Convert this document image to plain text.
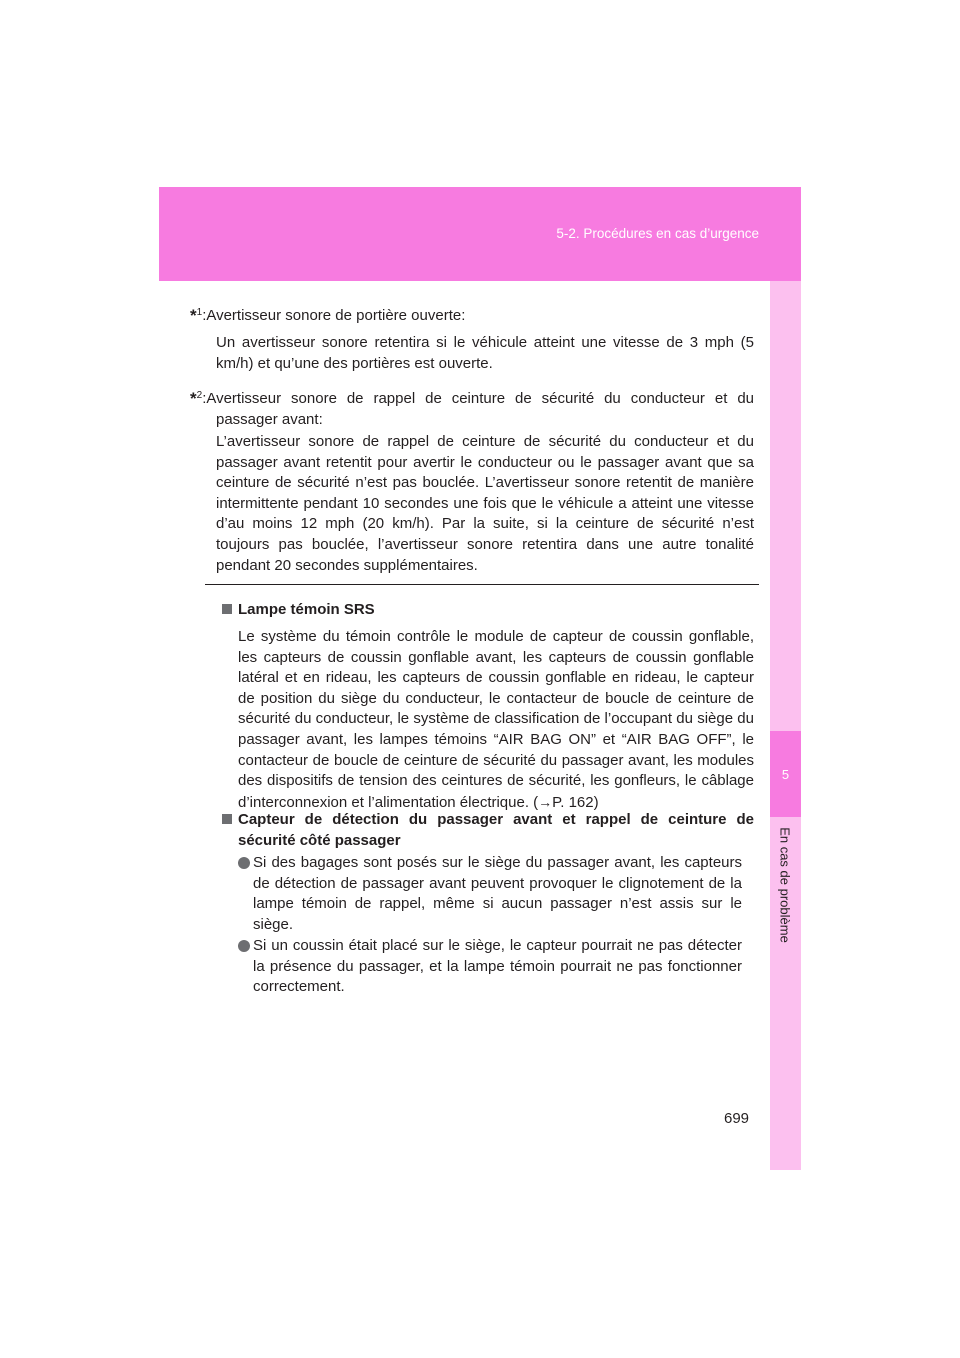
5-2. Procédures en cas d’urgence
5
En cas de problème
*$^1$:Avertisseur sonore de portière ouverte:
Un avertisseur sonore retentira si le véhicule atteint une vitesse de 3 mph (5 km/h) et qu’une des portières est ouverte.
*$^2$:Avertisseur sonore de rappel de ceinture de sécurité du conducteur et du passager avant:
L’avertisseur sonore de rappel de ceinture de sécurité du conducteur et du passager avant retentit pour avertir le conducteur ou le passager avant que sa ceinture de sécurité n’est pas bouclée. L’avertisseur sonore retentit de manière intermittente pendant 10 secondes une fois que le véhicule a atteint une vitesse d’au moins 12 mph (20 km/h). Par la suite, si la ceinture de sécurité n’est toujours pas bouclée, l’avertisseur sonore retentira dans une autre tonalité pendant 20 secondes supplémentaires.
Lampe témoin SRS
Le système du témoin contrôle le module de capteur de coussin gonflable, les capteurs de coussin gonflable avant, les capteurs de coussin gonflable latéral et en rideau, les capteurs de coussin gonflable en rideau, le capteur de position du siège du conducteur, le contacteur de boucle de ceinture de sécurité du conducteur, le système de classification de l’occupant du siège du passager avant, les lampes témoins “AIR BAG ON” et “AIR BAG OFF”, le contacteur de boucle de ceinture de sécurité du passager avant, les modules des dispositifs de tension des ceintures de sécurité, les gonfleurs, le câblage d’interconnexion et l’alimentation électrique. (→P. 162)
Capteur de détection du passager avant et rappel de ceinture de sécurité côté passager
Si des bagages sont posés sur le siège du passager avant, les capteurs de détection de passager avant peuvent provoquer le clignotement de la lampe témoin de rappel, même si aucun passager n’est assis sur le siège.
Si un coussin était placé sur le siège, le capteur pourrait ne pas détecter la présence du passager, et la lampe témoin pourrait ne pas fonctionner correctement.
699
